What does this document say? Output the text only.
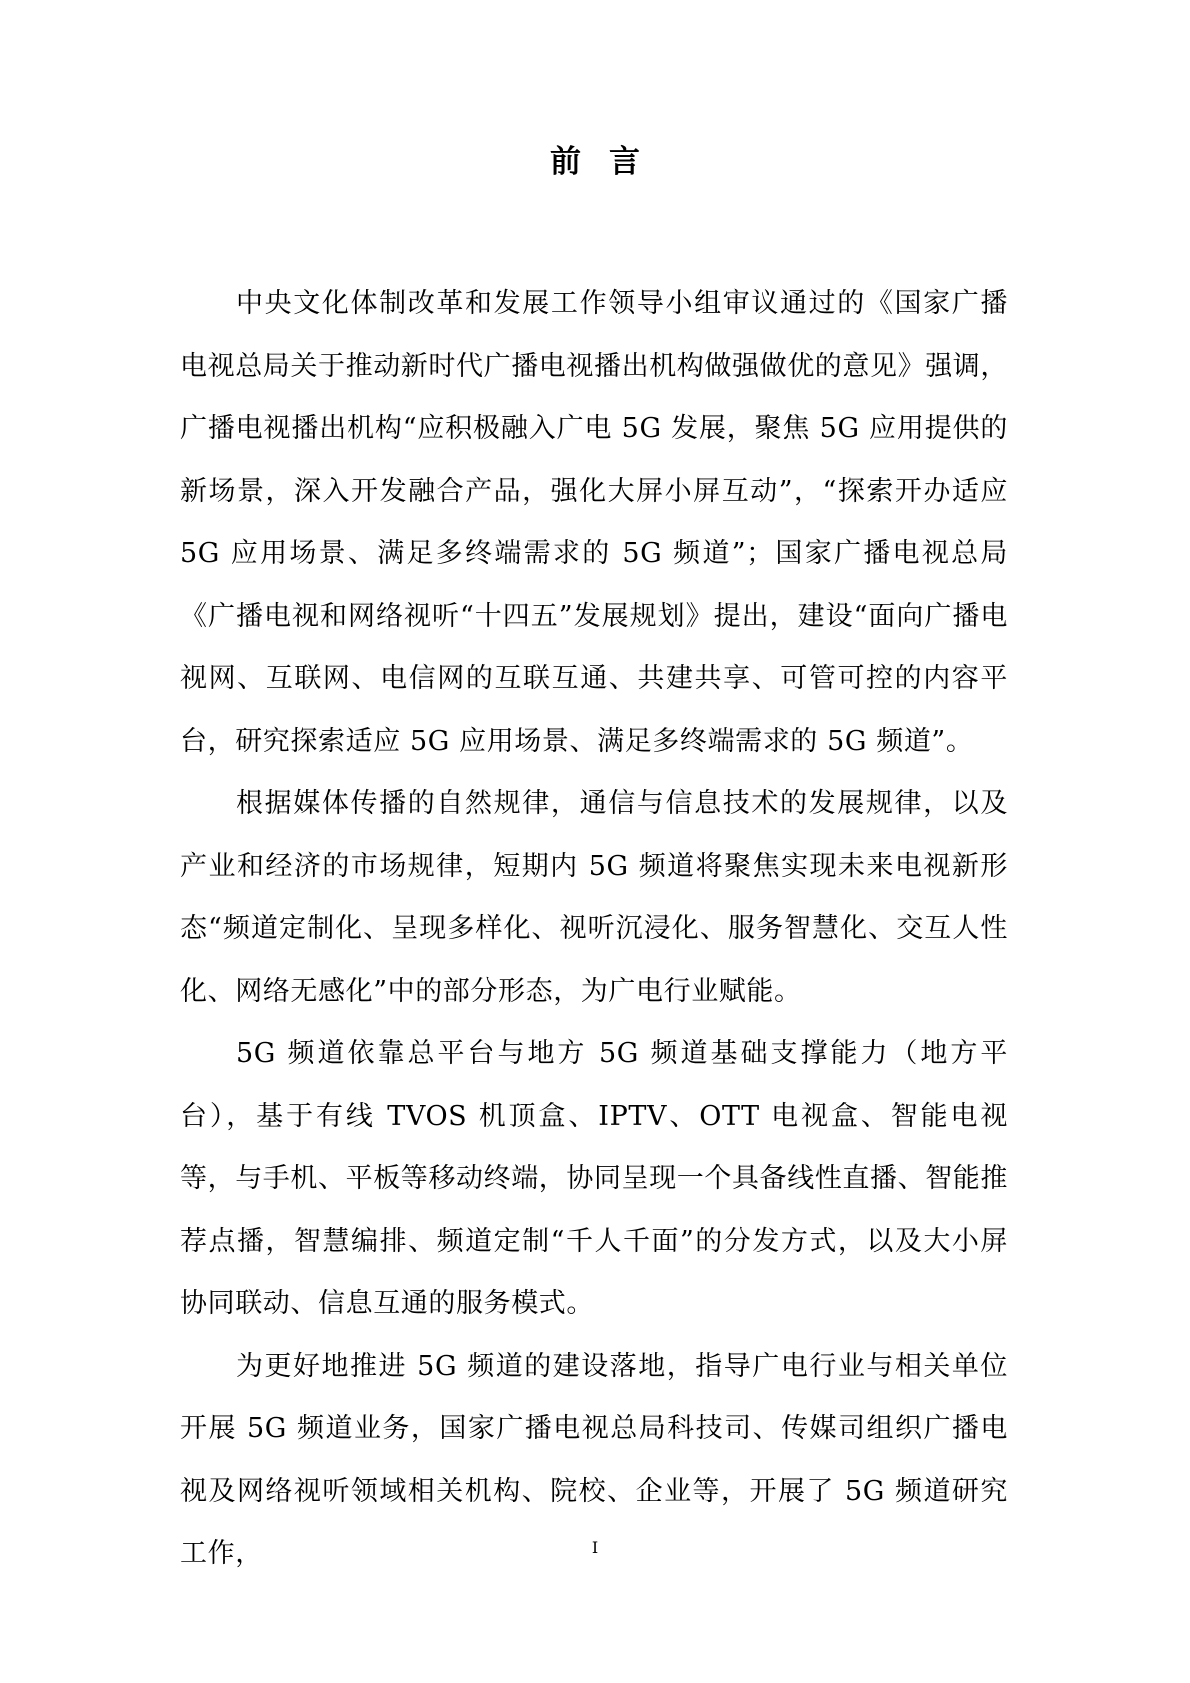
前言

中央文化体制改革和发展工作领导小组审议通过的《国家广播电视总局关于推动新时代广播电视播出机构做强做优的意见》强调，广播电视播出机构“应积极融入广电 5G 发展，聚焦 5G 应用提供的新场景，深入开发融合产品，强化大屏小屏互动”，“探索开办适应 5G 应用场景、满足多终端需求的 5G 频道”；国家广播电视总局《广播电视和网络视听“十四五”发展规划》提出，建设“面向广播电视网、互联网、电信网的互联互通、共建共享、可管可控的内容平台，研究探索适应 5G 应用场景、满足多终端需求的 5G 频道”。

根据媒体传播的自然规律，通信与信息技术的发展规律，以及产业和经济的市场规律，短期内 5G 频道将聚焦实现未来电视新形态“频道定制化、呈现多样化、视听沉浸化、服务智慧化、交互人性化、网络无感化”中的部分形态，为广电行业赋能。

5G 频道依靠总平台与地方 5G 频道基础支撑能力（地方平台），基于有线 TVOS 机顶盒、IPTV、OTT 电视盒、智能电视等，与手机、平板等移动终端，协同呈现一个具备线性直播、智能推荐点播，智慧编排、频道定制“千人千面”的分发方式，以及大小屏协同联动、信息互通的服务模式。

为更好地推进 5G 频道的建设落地，指导广电行业与相关单位开展 5G 频道业务，国家广播电视总局科技司、传媒司组织广播电视及网络视听领域相关机构、院校、企业等，开展了 5G 频道研究工作，	I
